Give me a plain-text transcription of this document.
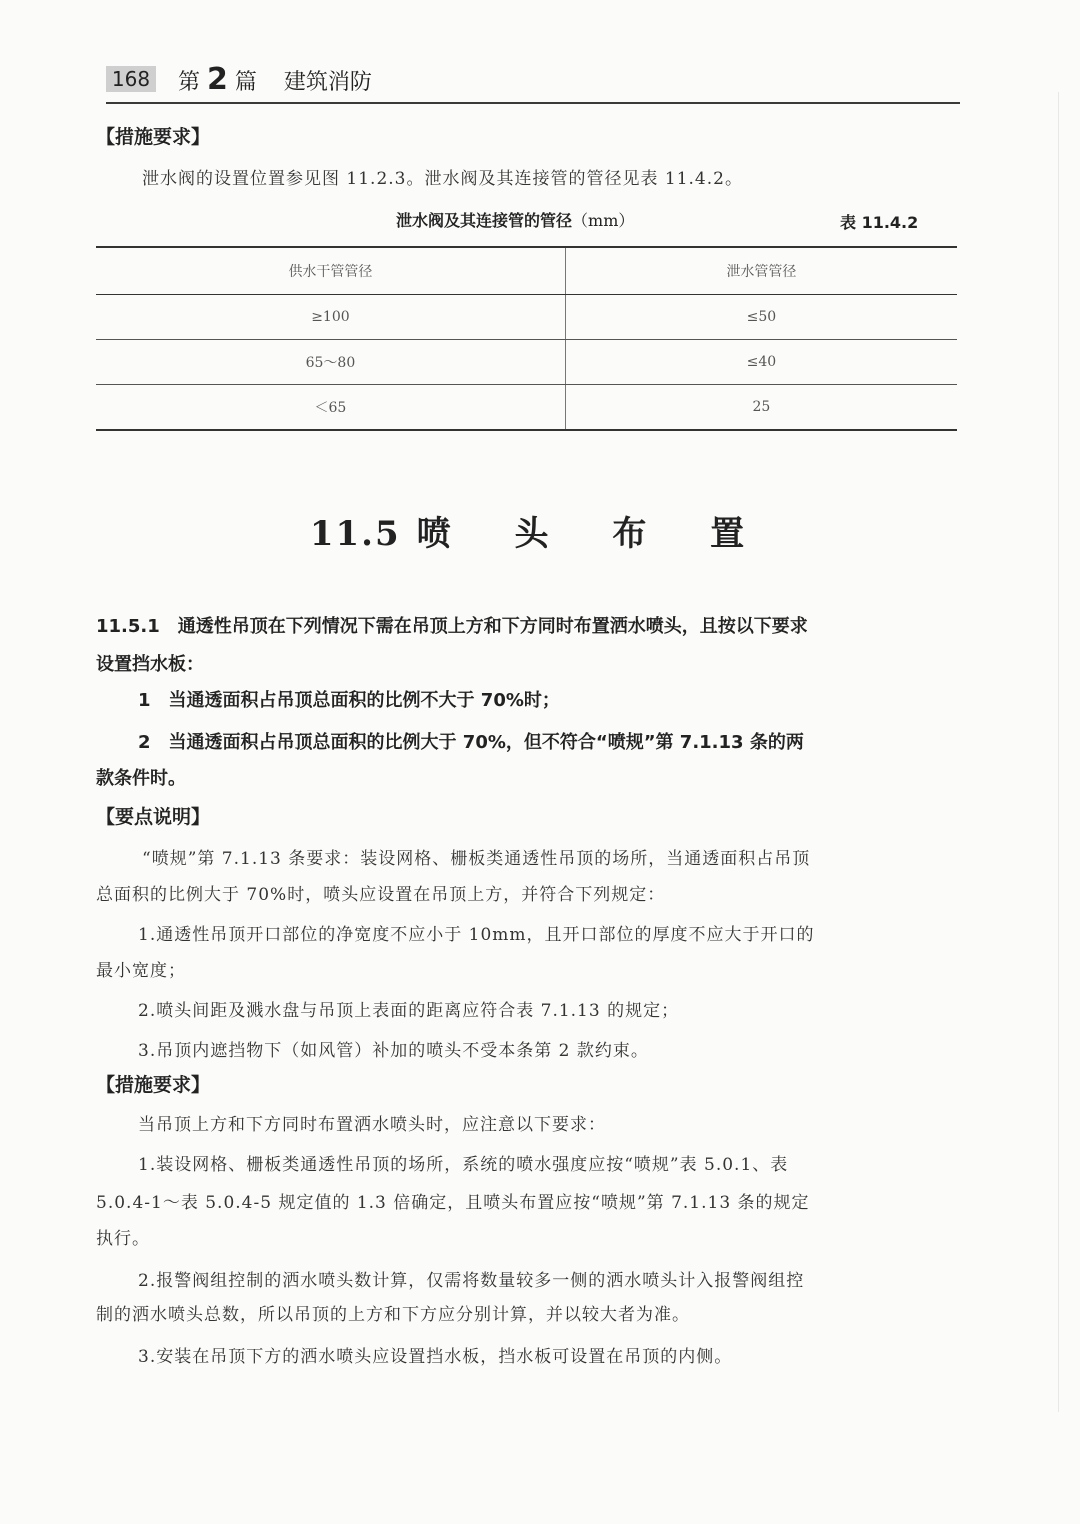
168 第 2 篇 建筑消防
【措施要求】
泄水阀的设置位置参见图 11.2.3。泄水阀及其连接管的管径见表 11.4.2。
泄水阀及其连接管的管径（mm）	表 11.4.2
供水干管管径	泄水管管径
≥100	≤50
65～80	≤40
＜65	25
11.5 喷 头 布 置
11.5.1　通透性吊顶在下列情况下需在吊顶上方和下方同时布置洒水喷头，且按以下要求
设置挡水板：
1　当通透面积占吊顶总面积的比例不大于 70%时；
2　当通透面积占吊顶总面积的比例大于 70%，但不符合“喷规”第 7.1.13 条的两
款条件时。
【要点说明】
“喷规”第 7.1.13 条要求：装设网格、栅板类通透性吊顶的场所，当通透面积占吊顶
总面积的比例大于 70%时，喷头应设置在吊顶上方，并符合下列规定：
1.通透性吊顶开口部位的净宽度不应小于 10mm，且开口部位的厚度不应大于开口的
最小宽度；
2.喷头间距及溅水盘与吊顶上表面的距离应符合表 7.1.13 的规定；
3.吊顶内遮挡物下（如风管）补加的喷头不受本条第 2 款约束。
【措施要求】
当吊顶上方和下方同时布置洒水喷头时，应注意以下要求：
1.装设网格、栅板类通透性吊顶的场所，系统的喷水强度应按“喷规”表 5.0.1、表
5.0.4-1～表 5.0.4-5 规定值的 1.3 倍确定，且喷头布置应按“喷规”第 7.1.13 条的规定
执行。
2.报警阀组控制的洒水喷头数计算，仅需将数量较多一侧的洒水喷头计入报警阀组控
制的洒水喷头总数，所以吊顶的上方和下方应分别计算，并以较大者为准。
3.安装在吊顶下方的洒水喷头应设置挡水板，挡水板可设置在吊顶的内侧。
